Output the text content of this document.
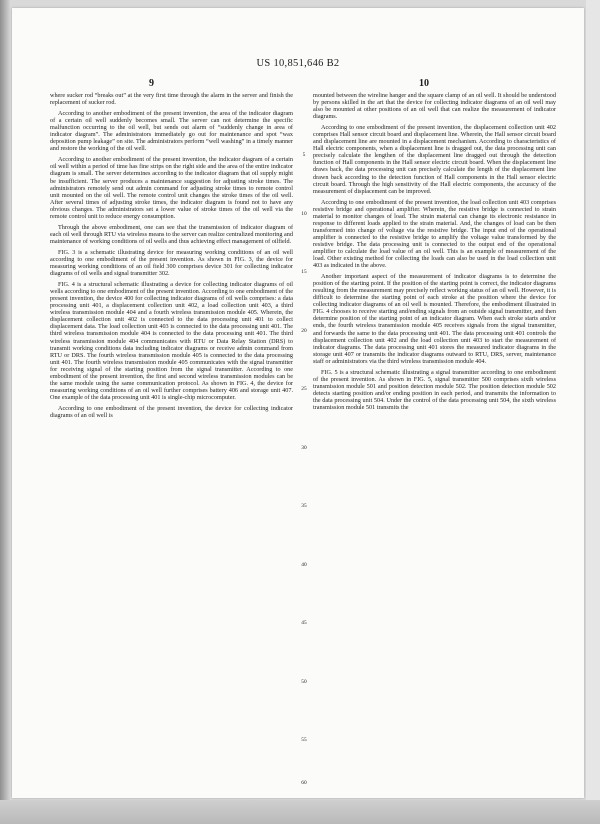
US 10,851,646 B2
9	10

where sucker rod “breaks out” at the very first time through the alarm in the server and finish the replacement of sucker rod.

According to another embodiment of the present invention, the area of the indicator diagram of a certain oil well suddenly becomes small. The server can not determine the specific malfunction occurring to the oil well, but sends out alarm of “suddenly change in area of indicator diagram”. The administrators immediately go out for maintenance and spot “wax deposition pump leakage” on site. The administrators perform “well washing” in a timely manner and restore the working of the oil well.

According to another embodiment of the present invention, the indicator diagram of a certain oil well within a period of time has fine strips on the right side and the area of the entire indicator diagram is small. The server determines according to the indicator diagram that oil supply might be insufficient. The server produces a maintenance suggestion for adjusting stroke times. The administrators remotely send out admin command for adjusting stroke times to remote control unit mounted on the oil well. The remote control unit changes the stroke times of the oil well. After several times of adjusting stroke times, the indicator diagram is found not to have any obvious changes. The administrators set a lower value of stroke times of the oil well via the remote control unit to reduce energy consumption.

Through the above embodiment, one can see that the transmission of indicator diagram of each oil well through RTU via wireless means to the server can realize centralized monitoring and maintenance of working conditions of oil wells and thus achieving effect management of oilfield.

FIG. 3 is a schematic illustrating device for measuring working conditions of an oil well according to one embodiment of the present invention. As shown in FIG. 3, the device for measuring working conditions of an oil field 300 comprises device 301 for collecting indicator diagrams of oil wells and signal transmitter 302.

FIG. 4 is a structural schematic illustrating a device for collecting indicator diagrams of oil wells according to one embodiment of the present invention. According to one embodiment of the present invention, the device 400 for collecting indicator diagrams of oil wells comprises: a data processing unit 401, a displacement collection unit 402, a load collection unit 403, a third wireless transmission module 404 and a fourth wireless transmission module 405. Wherein, the displacement collection unit 402 is connected to the data processing unit 401 to collect displacement data. The load collection unit 403 is connected to the data processing unit 401. The third wireless transmission module 404 is connected to the data processing unit 401. The third wireless transmission module 404 communicates with RTU or Data Relay Station (DRS) to transmit working conditions data including indicator diagrams or receive admin command from RTU or DRS. The fourth wireless transmission module 405 is connected to the data processing unit 401. The fourth wireless transmission module 405 communicates with the signal transmitter for receiving signal of the starting position from the signal transmitter. According to one embodiment of the present invention, the first and second wireless transmission modules can be the same module using the same communication protocol. As shown in FIG. 4, the device for measuring working conditions of an oil well further comprises battery 406 and storage unit 407. One example of the data processing unit 401 is single-chip microcomputer.

According to one embodiment of the present invention, the device for collecting indicator diagrams of an oil well is

5
10
15
20
25
30
35
40
45
50
55
60

mounted between the wireline hanger and the square clamp of an oil well. It should be understood by persons skilled in the art that the device for collecting indicator diagrams of an oil well may also be mounted at other positions of an oil well that can realize the measurement of indicator diagrams.

According to one embodiment of the present invention, the displacement collection unit 402 comprises Hall sensor circuit board and displacement line. Wherein, the Hall sensor circuit board and displacement line are mounted in a displacement mechanism. According to characteristics of Hall electric components, when a displacement line is dragged out, the data processing unit can precisely calculate the lengthen of the displacement line dragged out through the detection function of Hall components in the Hall sensor electric circuit board. When the displacement line draws back, the data processing unit can precisely calculate the length of the displacement line drawn back according to the detection function of Hall components in the Hall sensor electric circuit board. Through the high sensitivity of the Hall electric components, the accuracy of the measurement of displacement can be improved.

According to one embodiment of the present invention, the load collection unit 403 comprises resistive bridge and operational amplifier. Wherein, the resistive bridge is connected to strain material to monitor changes of load. The strain material can change its electronic resistance in response to different loads applied to the strain material. And, the changes of load can be then transformed into change of voltage via the resistive bridge. The input end of the operational amplifier is connected to the resistive bridge to amplify the voltage value transformed by the resistive bridge. The data processing unit is connected to the output end of the operational amplifier to calculate the load value of an oil well. This is an example of measurement of the load. Other existing method for collecting the loads can also be used in the load collection unit 403 as indicated in the above.

Another important aspect of the measurement of indicator diagrams is to determine the position of the starting point. If the position of the starting point is correct, the indicator diagrams resulting from the measurement may precisely reflect working status of an oil well. However, it is difficult to determine the starting point of each stroke at the position where the device for collecting indicator diagrams of an oil well is mounted. Therefore, the embodiment illustrated in FIG. 4 chooses to receive starting and/ending signals from an outside signal transmitter, and then determine position of the starting point of an indicator diagram. When each stroke starts and/or ends, the fourth wireless transmission module 405 receives signals from the signal transmitter, and forwards the same to the data processing unit 401. The data processing unit 401 controls the displacement collection unit 402 and the load collection unit 403 to start the measurement of indicator diagrams. The data processing unit 401 stores the measured indicator diagrams in the storage unit 407 or transmits the indicator diagrams outward to RTU, DRS, server, maintenance staff or administrators via the third wireless transmission module 404.

FIG. 5 is a structural schematic illustrating a signal transmitter according to one embodiment of the present invention. As shown in FIG. 5, signal transmitter 500 comprises sixth wireless transmission module 501 and position detection module 502. The position detection module 502 detects starting position and/or ending position in each period, and transmits the information to the data processing unit 504. Under the control of the data processing unit 504, the sixth wireless transmission module 501 transmits the
